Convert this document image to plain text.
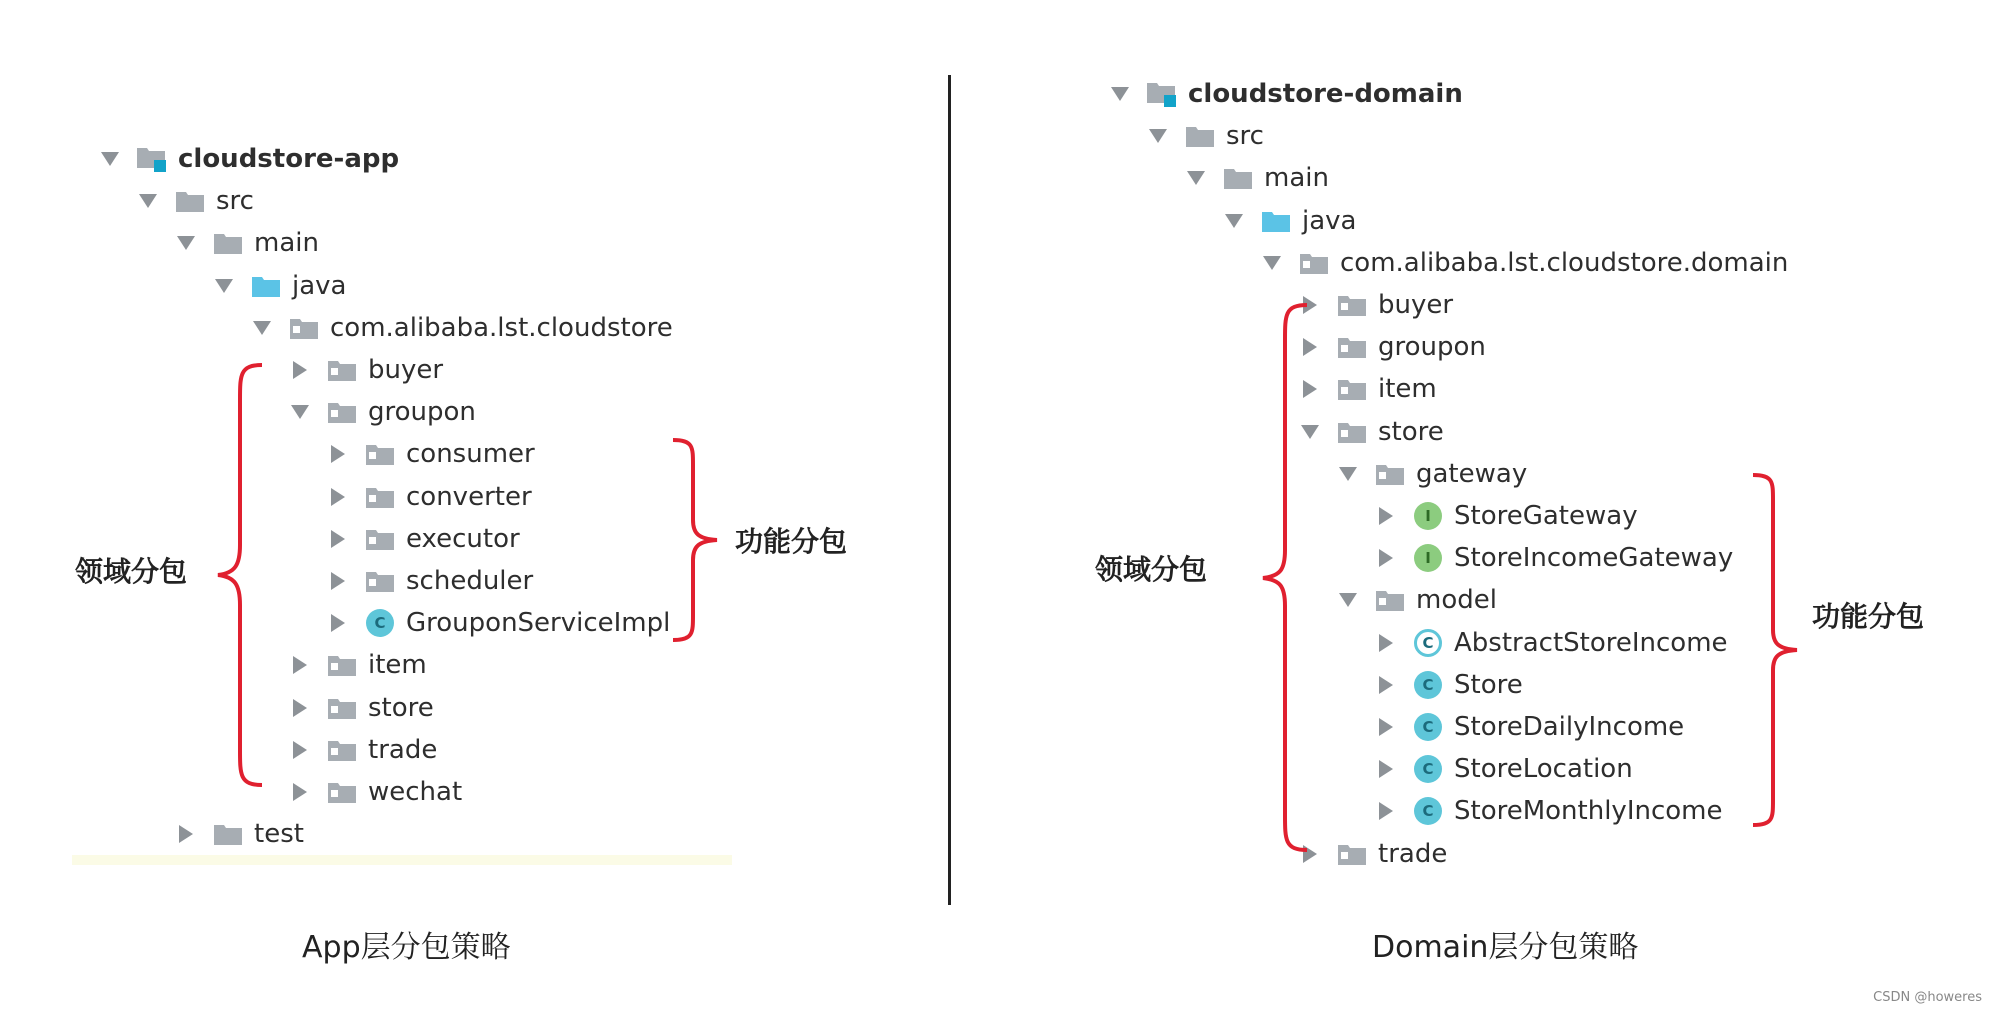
cloudstore-app
src
main
java
com.alibaba.lst.cloudstore
buyer
groupon
consumer
converter
executor
scheduler
C GrouponServiceImpl
item
store
trade
wechat
test
cloudstore-domain
src
main
java
com.alibaba.lst.cloudstore.domain
buyer
groupon
item
store
gateway
I StoreGateway
I StoreIncomeGateway
model
C AbstractStoreIncome
C Store
C StoreDailyIncome
C StoreLocation
C StoreMonthlyIncome
trade
领域分包
功能分包
领域分包
功能分包
App层分包策略	Domain层分包策略
CSDN @howeres
